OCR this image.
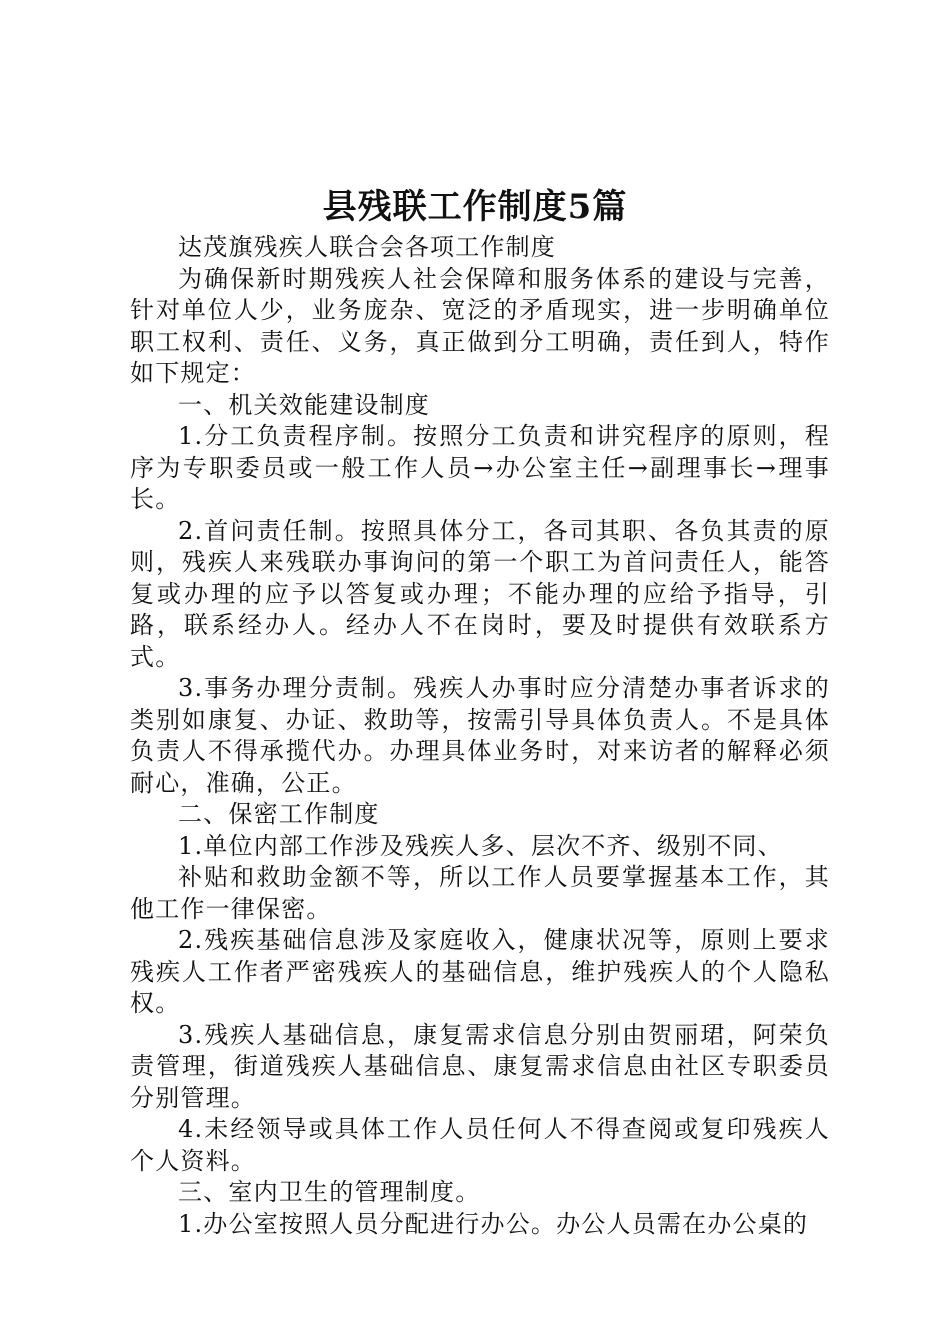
县残联工作制度5篇

达茂旗残疾人联合会各项工作制度

为确保新时期残疾人社会保障和服务体系的建设与完善，针对单位人少，业务庞杂、宽泛的矛盾现实，进一步明确单位职工权利、责任、义务，真正做到分工明确，责任到人，特作如下规定：

一、机关效能建设制度

1.分工负责程序制。按照分工负责和讲究程序的原则，程序为专职委员或一般工作人员→办公室主任→副理事长→理事长。

2.首问责任制。按照具体分工，各司其职、各负其责的原则，残疾人来残联办事询问的第一个职工为首问责任人，能答复或办理的应予以答复或办理；不能办理的应给予指导，引路，联系经办人。经办人不在岗时，要及时提供有效联系方式。

3.事务办理分责制。残疾人办事时应分清楚办事者诉求的类别如康复、办证、救助等，按需引导具体负责人。不是具体负责人不得承揽代办。办理具体业务时，对来访者的解释必须耐心，准确，公正。

二、保密工作制度

1.单位内部工作涉及残疾人多、层次不齐、级别不同、

补贴和救助金额不等，所以工作人员要掌握基本工作，其他工作一律保密。

2.残疾基础信息涉及家庭收入，健康状况等，原则上要求残疾人工作者严密残疾人的基础信息，维护残疾人的个人隐私权。

3.残疾人基础信息，康复需求信息分别由贺丽珺，阿荣负责管理，街道残疾人基础信息、康复需求信息由社区专职委员分别管理。

4.未经领导或具体工作人员任何人不得查阅或复印残疾人个人资料。

三、室内卫生的管理制度。

1.办公室按照人员分配进行办公。办公人员需在办公桌的
